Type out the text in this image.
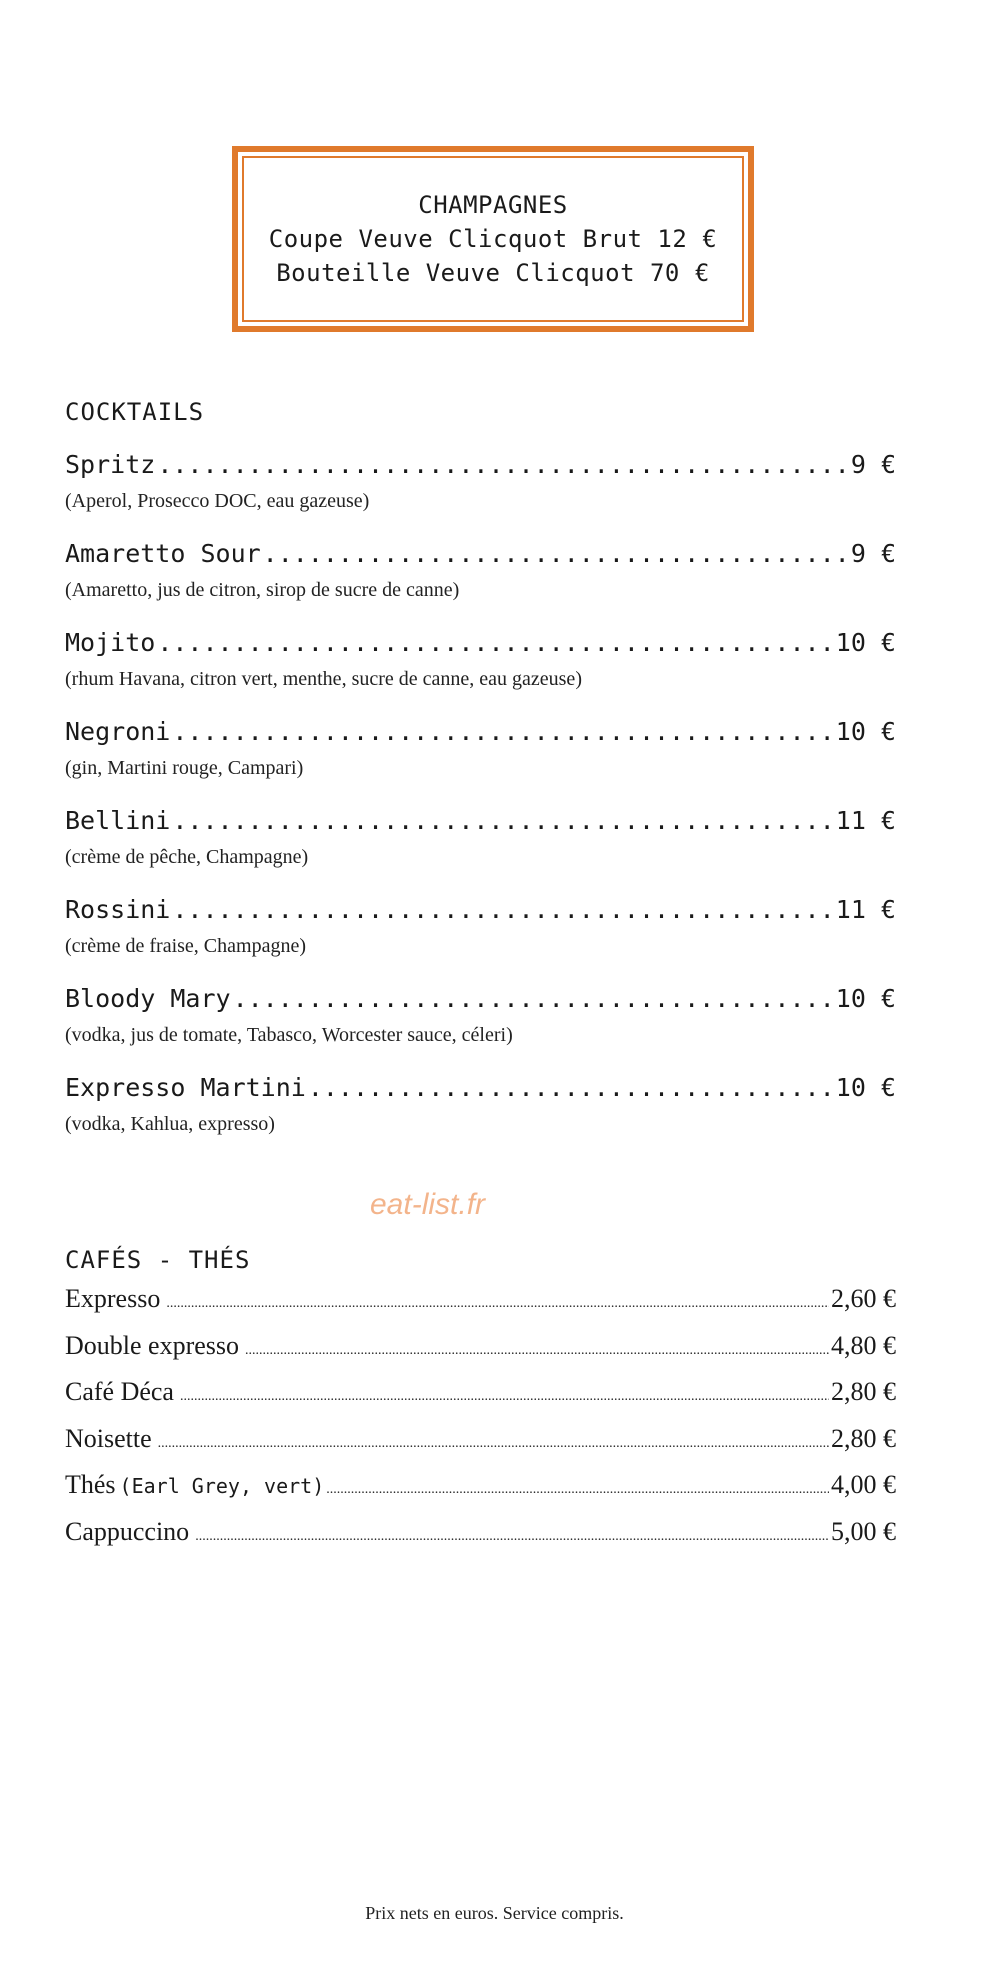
CHAMPAGNES
Coupe Veuve Clicquot Brut 12 €
Bouteille Veuve Clicquot 70 €
COCKTAILS
Spritz .....	9 €
(Aperol, Prosecco DOC, eau gazeuse)
Amaretto Sour .....	9 €
(Amaretto, jus de citron, sirop de sucre de canne)
Mojito .....	10 €
(rhum Havana, citron vert, menthe, sucre de canne, eau gazeuse)
Negroni .....	10 €
(gin, Martini rouge, Campari)
Bellini .....	11 €
(crème de pêche, Champagne)
Rossini .....	11 €
(crème de fraise, Champagne)
Bloody Mary .....	10 €
(vodka, jus de tomate, Tabasco, Worcester sauce, céleri)
Expresso Martini .....	10 €
(vodka, Kahlua, expresso)
eat-list.fr
CAFÉS - THÉS
Expresso .....	2,60 €
Double expresso .....	4,80 €
Café Déca .....	2,80 €
Noisette .....	2,80 €
Thés (Earl Grey, vert) .....	4,00 €
Cappuccino .....	5,00 €
Prix nets en euros. Service compris.
